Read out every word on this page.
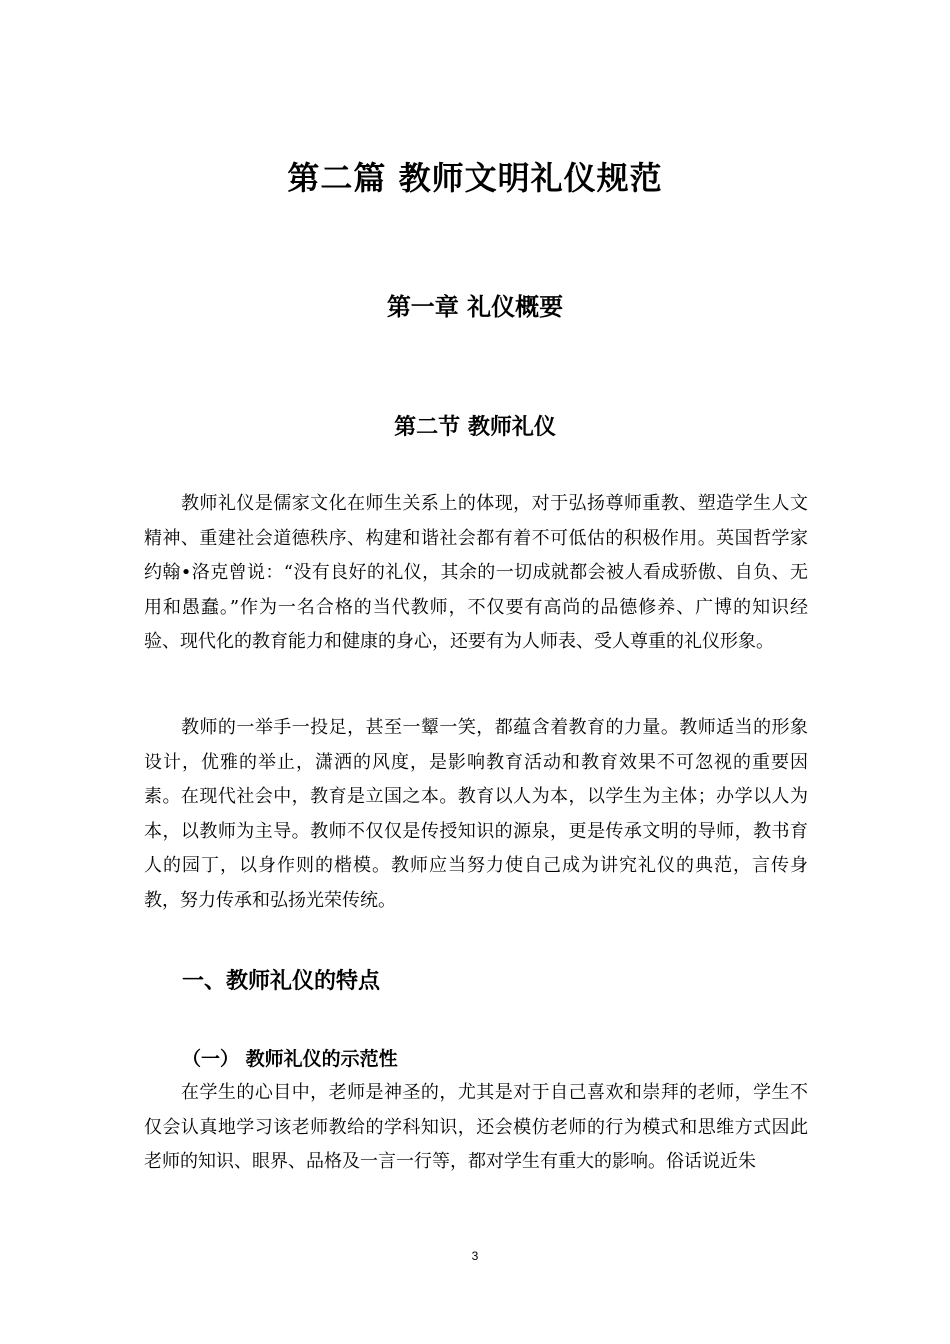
第二篇 教师文明礼仪规范
第一章 礼仪概要
第二节 教师礼仪

教师礼仪是儒家文化在师生关系上的体现，对于弘扬尊师重教、塑造学生人文精神、重建社会道德秩序、构建和谐社会都有着不可低估的积极作用。英国哲学家约翰•洛克曾说：“没有良好的礼仪，其余的一切成就都会被人看成骄傲、自负、无用和愚蠢。”作为一名合格的当代教师，不仅要有高尚的品德修养、广博的知识经验、现代化的教育能力和健康的身心，还要有为人师表、受人尊重的礼仪形象。

教师的一举手一投足，甚至一颦一笑，都蕴含着教育的力量。教师适当的形象设计，优雅的举止，潇洒的风度，是影响教育活动和教育效果不可忽视的重要因素。在现代社会中，教育是立国之本。教育以人为本，以学生为主体；办学以人为本，以教师为主导。教师不仅仅是传授知识的源泉，更是传承文明的导师，教书育人的园丁，以身作则的楷模。教师应当努力使自己成为讲究礼仪的典范，言传身教，努力传承和弘扬光荣传统。

一、教师礼仪的特点
（一） 教师礼仪的示范性

在学生的心目中，老师是神圣的，尤其是对于自己喜欢和崇拜的老师，学生不仅会认真地学习该老师教给的学科知识，还会模仿老师的行为模式和思维方式因此老师的知识、眼界、品格及一言一行等，都对学生有重大的影响。俗话说近朱

3
